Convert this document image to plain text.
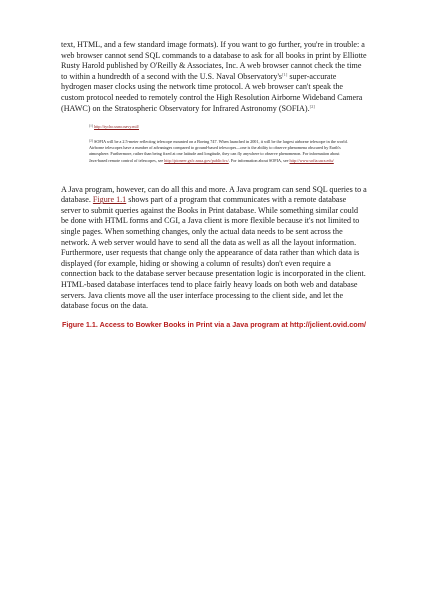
text, HTML, and a few standard image formats). If you want to go further, you're in trouble: a web browser cannot send SQL commands to a database to ask for all books in print by Elliotte Rusty Harold published by O'Reilly & Associates, Inc. A web browser cannot check the time to within a hundredth of a second with the U.S. Naval Observatory's[1] super-accurate hydrogen maser clocks using the network time protocol. A web browser can't speak the custom protocol needed to remotely control the High Resolution Airborne Wideband Camera (HAWC) on the Stratospheric Observatory for Infrared Astronomy (SOFIA).[2]

[1] http://tycho.usno.navy.mil/

[2] SOFIA will be a 2.5-meter reflecting telescope mounted on a Boeing 747. When launched in 2001, it will be the largest airborne telescope in the world. Airborne telescopes have a number of advantages compared to ground-based telescopes—one is the ability to observe phenomena obscured by Earth's atmosphere. Furthermore, rather than being fixed at one latitude and longitude, they can fly anywhere to observe phenomenon. For information about Java-based remote control of telescopes, see http://pioneer.gsfc.nasa.gov/public/irc/. For information about SOFIA, see http://www.sofia.usra.edu/

A Java program, however, can do all this and more. A Java program can send SQL queries to a database. Figure 1.1 shows part of a program that communicates with a remote database server to submit queries against the Books in Print database. While something similar could be done with HTML forms and CGI, a Java client is more flexible because it's not limited to single pages. When something changes, only the actual data needs to be sent across the network. A web server would have to send all the data as well as all the layout information. Furthermore, user requests that change only the appearance of data rather than which data is displayed (for example, hiding or showing a column of results) don't even require a connection back to the database server because presentation logic is incorporated in the client. HTML-based database interfaces tend to place fairly heavy loads on both web and database servers. Java clients move all the user interface processing to the client side, and let the database focus on the data.

Figure 1.1. Access to Bowker Books in Print via a Java program at http://jclient.ovid.com/
